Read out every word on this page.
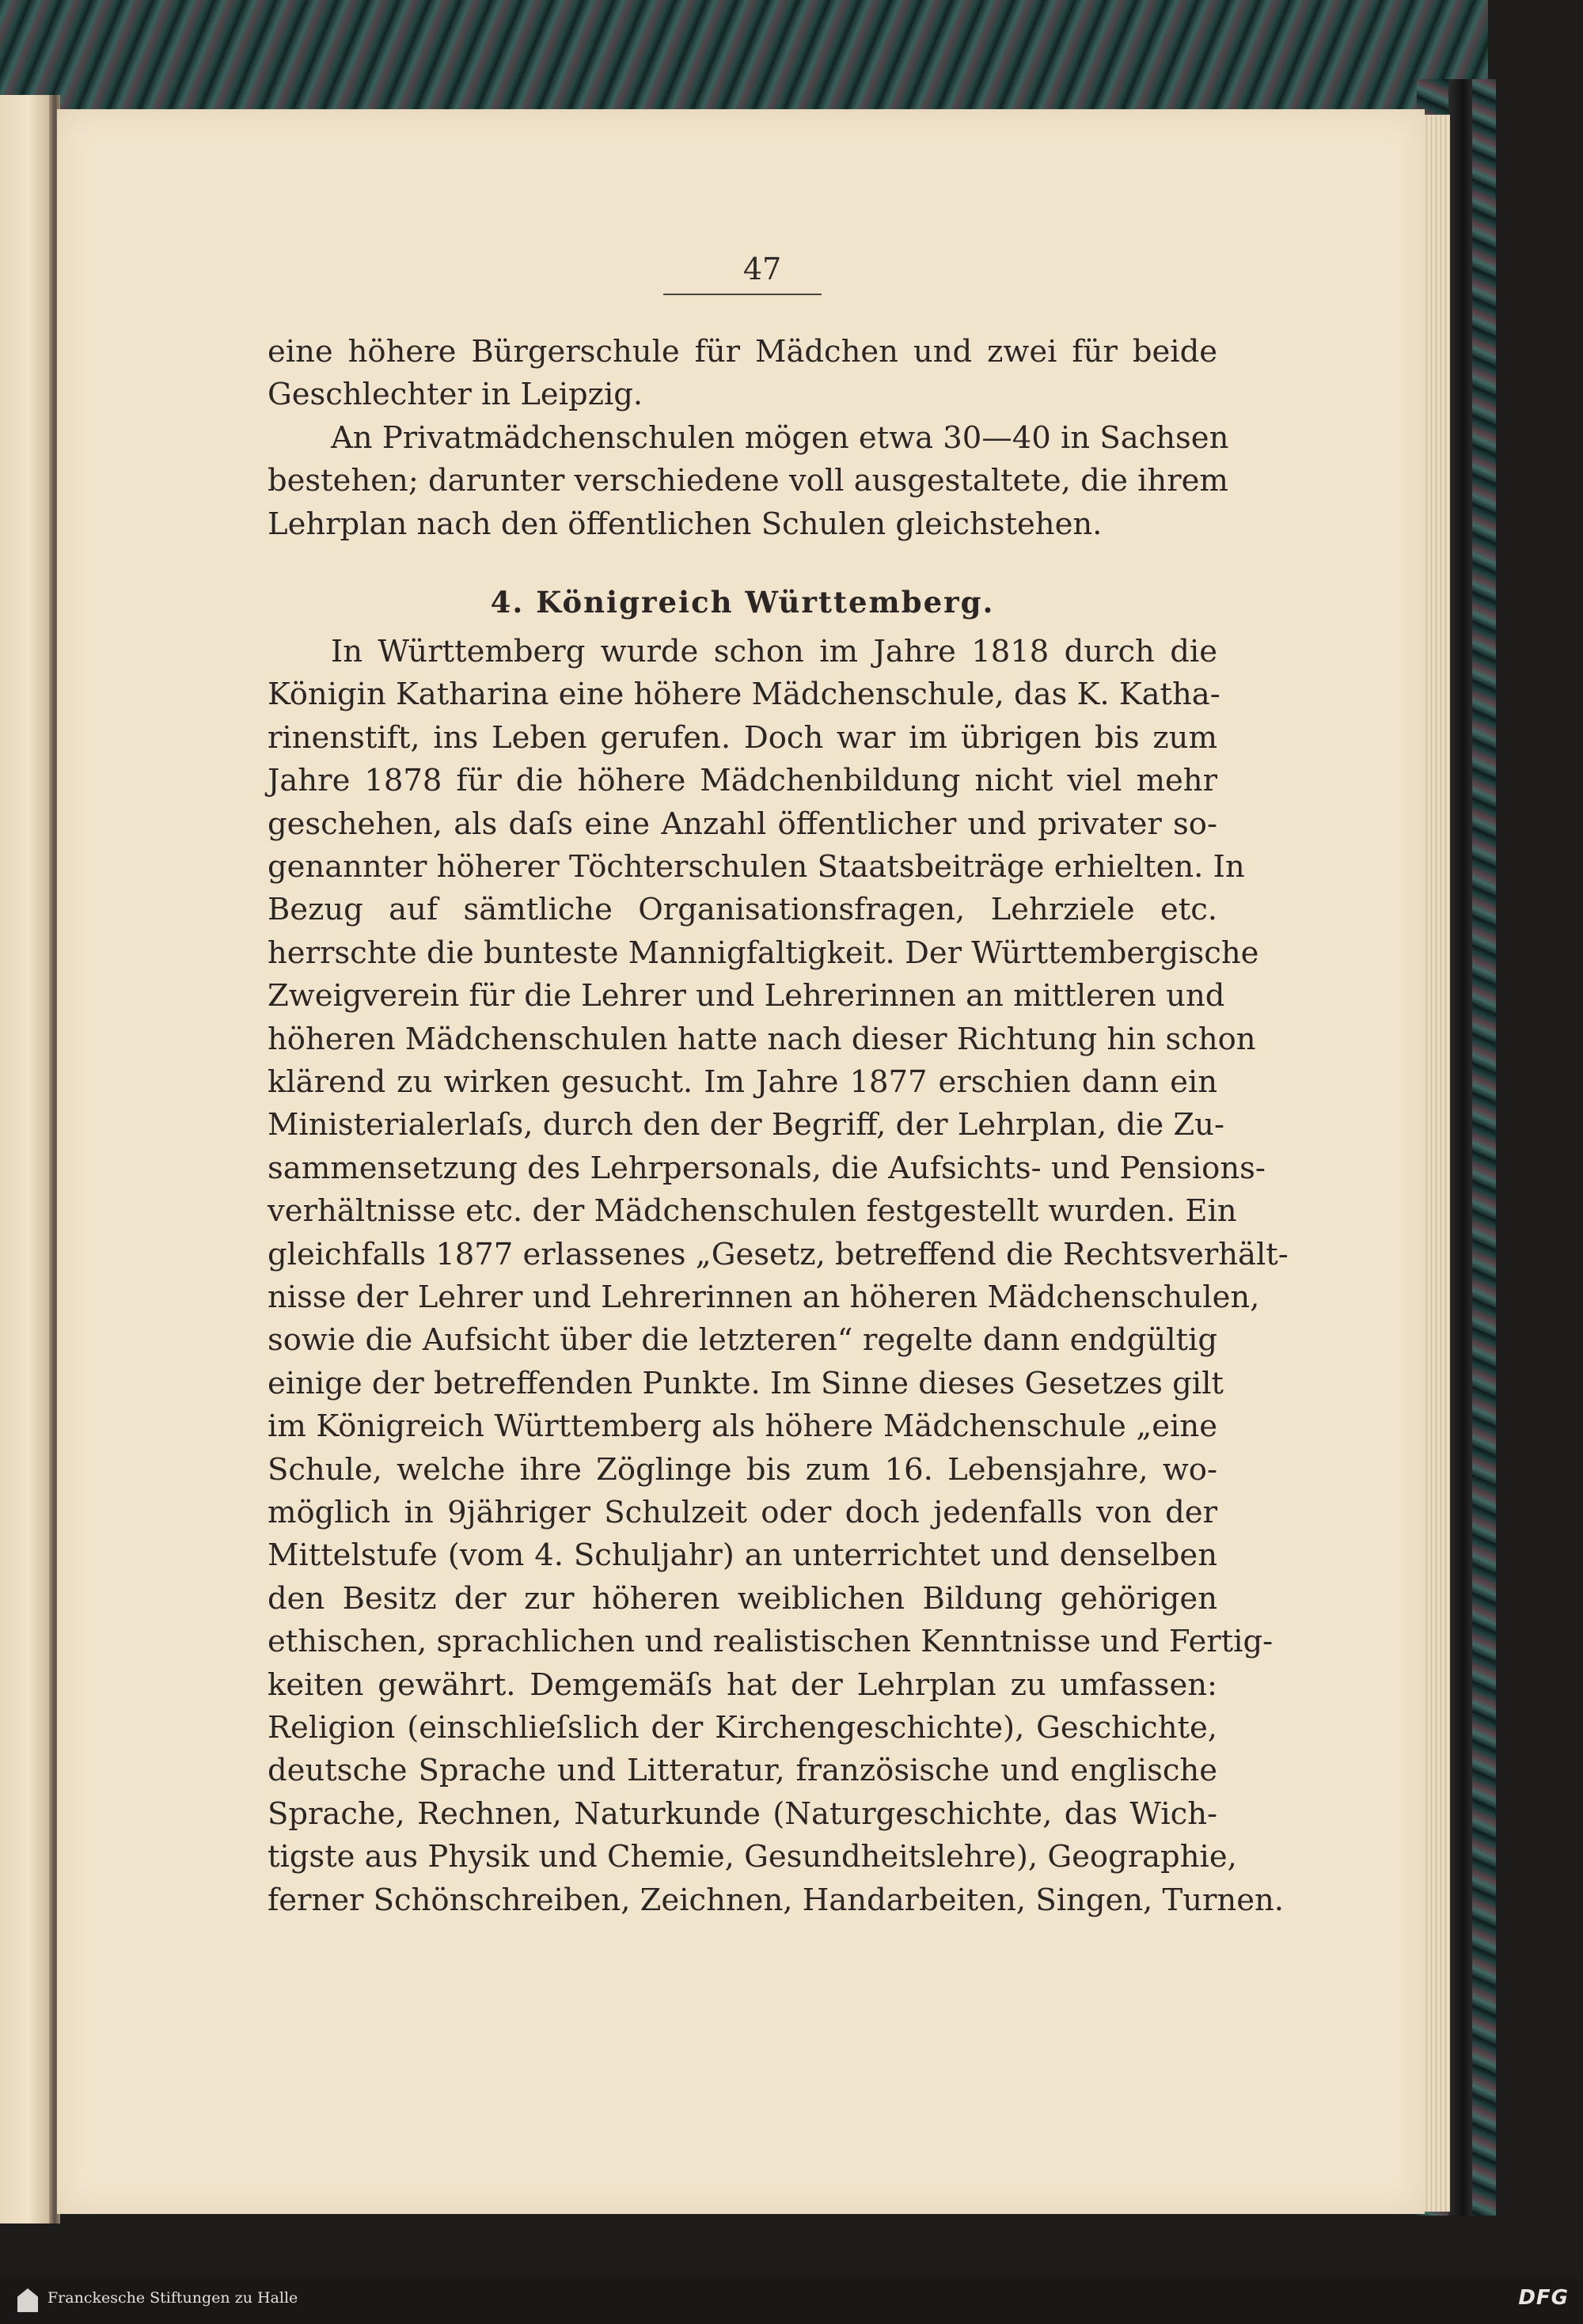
47
eine höhere Bürgerschule für Mädchen und zwei für beide
Geschlechter in Leipzig.
An Privatmädchenschulen mögen etwa 30—40 in Sachsen
bestehen; darunter verschiedene voll ausgestaltete, die ihrem
Lehrplan nach den öffentlichen Schulen gleichstehen.
4. Königreich Württemberg.
In Württemberg wurde schon im Jahre 1818 durch die
Königin Katharina eine höhere Mädchenschule, das K. Katha-
rinenstift, ins Leben gerufen. Doch war im übrigen bis zum
Jahre 1878 für die höhere Mädchenbildung nicht viel mehr
geschehen, als daſs eine Anzahl öffentlicher und privater so-
genannter höherer Töchterschulen Staatsbeiträge erhielten. In
Bezug auf sämtliche Organisationsfragen, Lehrziele etc.
herrschte die bunteste Mannigfaltigkeit. Der Württembergische
Zweigverein für die Lehrer und Lehrerinnen an mittleren und
höheren Mädchenschulen hatte nach dieser Richtung hin schon
klärend zu wirken gesucht. Im Jahre 1877 erschien dann ein
Ministerialerlaſs, durch den der Begriff, der Lehrplan, die Zu-
sammensetzung des Lehrpersonals, die Aufsichts- und Pensions-
verhältnisse etc. der Mädchenschulen festgestellt wurden. Ein
gleichfalls 1877 erlassenes „Gesetz, betreffend die Rechtsverhält-
nisse der Lehrer und Lehrerinnen an höheren Mädchenschulen,
sowie die Aufsicht über die letzteren“ regelte dann endgültig
einige der betreffenden Punkte. Im Sinne dieses Gesetzes gilt
im Königreich Württemberg als höhere Mädchenschule „eine
Schule, welche ihre Zöglinge bis zum 16. Lebensjahre, wo-
möglich in 9jähriger Schulzeit oder doch jedenfalls von der
Mittelstufe (vom 4. Schuljahr) an unterrichtet und denselben
den Besitz der zur höheren weiblichen Bildung gehörigen
ethischen, sprachlichen und realistischen Kenntnisse und Fertig-
keiten gewährt. Demgemäſs hat der Lehrplan zu umfassen:
Religion (einschlieſslich der Kirchengeschichte), Geschichte,
deutsche Sprache und Litteratur, französische und englische
Sprache, Rechnen, Naturkunde (Naturgeschichte, das Wich-
tigste aus Physik und Chemie, Gesundheitslehre), Geographie,
ferner Schönschreiben, Zeichnen, Handarbeiten, Singen, Turnen.
Franckesche Stiftungen zu Halle	DFG
